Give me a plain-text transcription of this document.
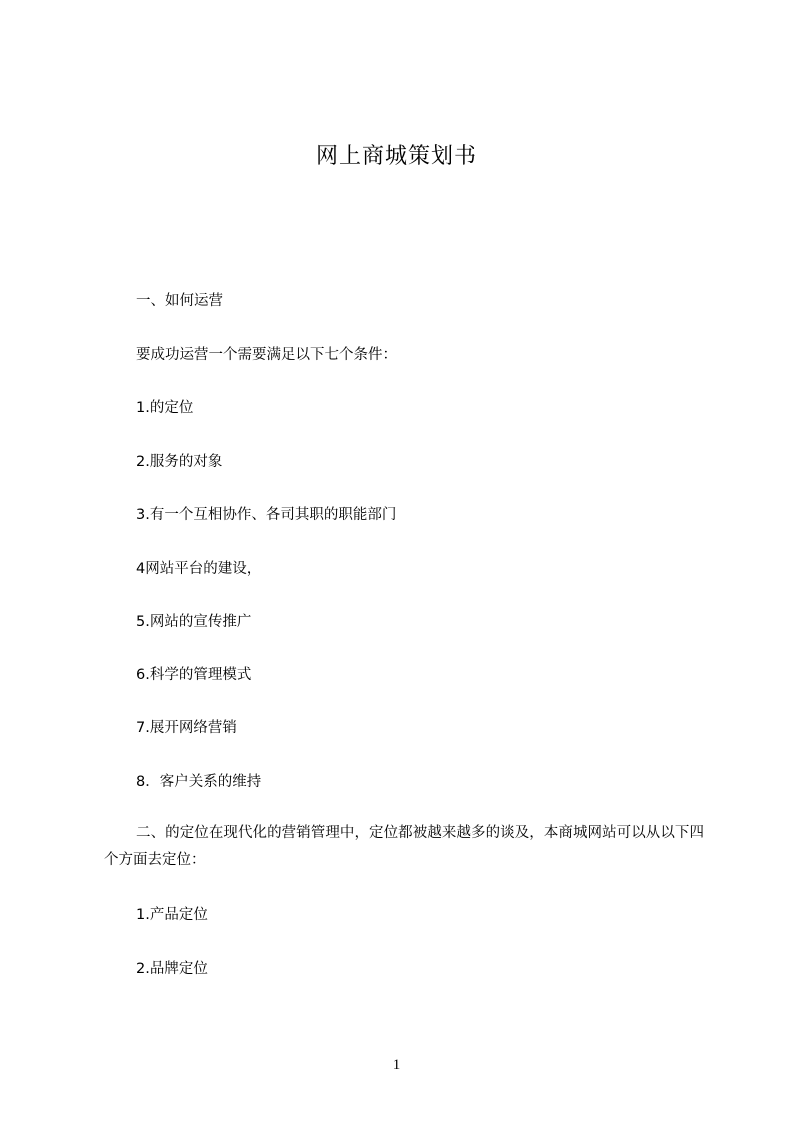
网上商城策划书
一、如何运营
要成功运营一个需要满足以下七个条件：
1.的定位
2.服务的对象
3.有一个互相协作、各司其职的职能部门
4网站平台的建设，
5.网站的宣传推广
6.科学的管理模式
7.展开网络营销
8．客户关系的维持
二、的定位在现代化的营销管理中，定位都被越来越多的谈及，本商城网站可以从以下四个方面去定位：
1.产品定位
2.品牌定位
1
